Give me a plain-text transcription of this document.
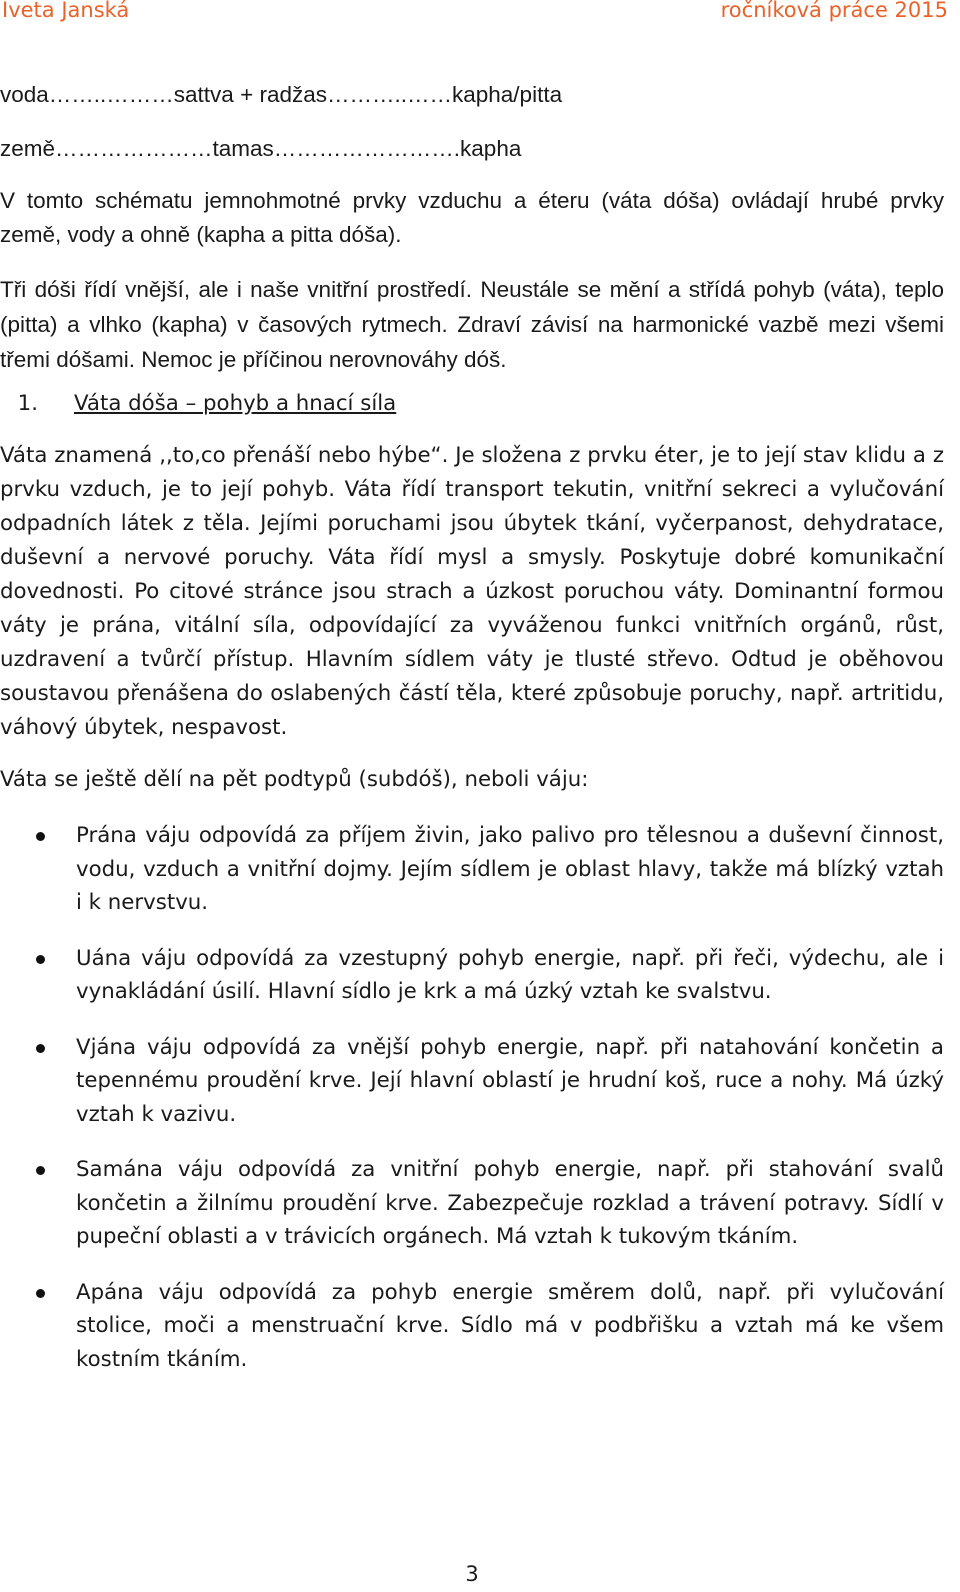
Iveta Janská	ročníková práce 2015

voda……..………sattva + radžas………..……kapha/pitta

země…………………tamas…………………….kapha

V tomto schématu jemnohmotné prvky vzduchu a éteru (váta dóša) ovládají hrubé prvky země, vody a ohně (kapha a pitta dóša).

Tři dóši řídí vnější, ale i naše vnitřní prostředí. Neustále se mění a střídá pohyb (váta), teplo (pitta) a vlhko (kapha) v časových rytmech. Zdraví závisí na harmonické vazbě mezi všemi třemi dóšami. Nemoc je příčinou nerovnováhy dóš.

1. Váta dóša – pohyb a hnací síla

Váta znamená ,,to,co přenáší nebo hýbe“. Je složena z prvku éter, je to její stav klidu a z prvku vzduch, je to její pohyb. Váta řídí transport tekutin, vnitřní sekreci a vylučování odpadních látek z těla. Jejími poruchami jsou úbytek tkání, vyčerpanost, dehydratace, duševní a nervové poruchy. Váta řídí mysl a smysly. Poskytuje dobré komunikační dovednosti. Po citové stránce jsou strach a úzkost poruchou váty. Dominantní formou váty je prána, vitální síla, odpovídající za vyváženou funkci vnitřních orgánů, růst, uzdravení a tvůrčí přístup. Hlavním sídlem váty je tlusté střevo. Odtud je oběhovou soustavou přenášena do oslabených částí těla, které způsobuje poruchy, např. artritidu, váhový úbytek, nespavost.

Váta se ještě dělí na pět podtypů (subdóš), neboli váju:

Prána váju odpovídá za příjem živin, jako palivo pro tělesnou a duševní činnost, vodu, vzduch a vnitřní dojmy. Jejím sídlem je oblast hlavy, takže má blízký vztah i k nervstvu.
Uána váju odpovídá za vzestupný pohyb energie, např. při řeči, výdechu, ale i vynakládání úsilí. Hlavní sídlo je krk a má úzký vztah ke svalstvu.
Vjána váju odpovídá za vnější pohyb energie, např. při natahování končetin a tepennému proudění krve. Její hlavní oblastí je hrudní koš, ruce a nohy. Má úzký vztah k vazivu.
Samána váju odpovídá za vnitřní pohyb energie, např. při stahování svalů končetin a žilnímu proudění krve. Zabezpečuje rozklad a trávení potravy. Sídlí v pupeční oblasti a v trávicích orgánech. Má vztah k tukovým tkáním.
Apána váju odpovídá za pohyb energie směrem dolů, např. při vylučování stolice, moči a menstruační krve. Sídlo má v podbřišku a vztah má ke všem kostním tkáním.
3
